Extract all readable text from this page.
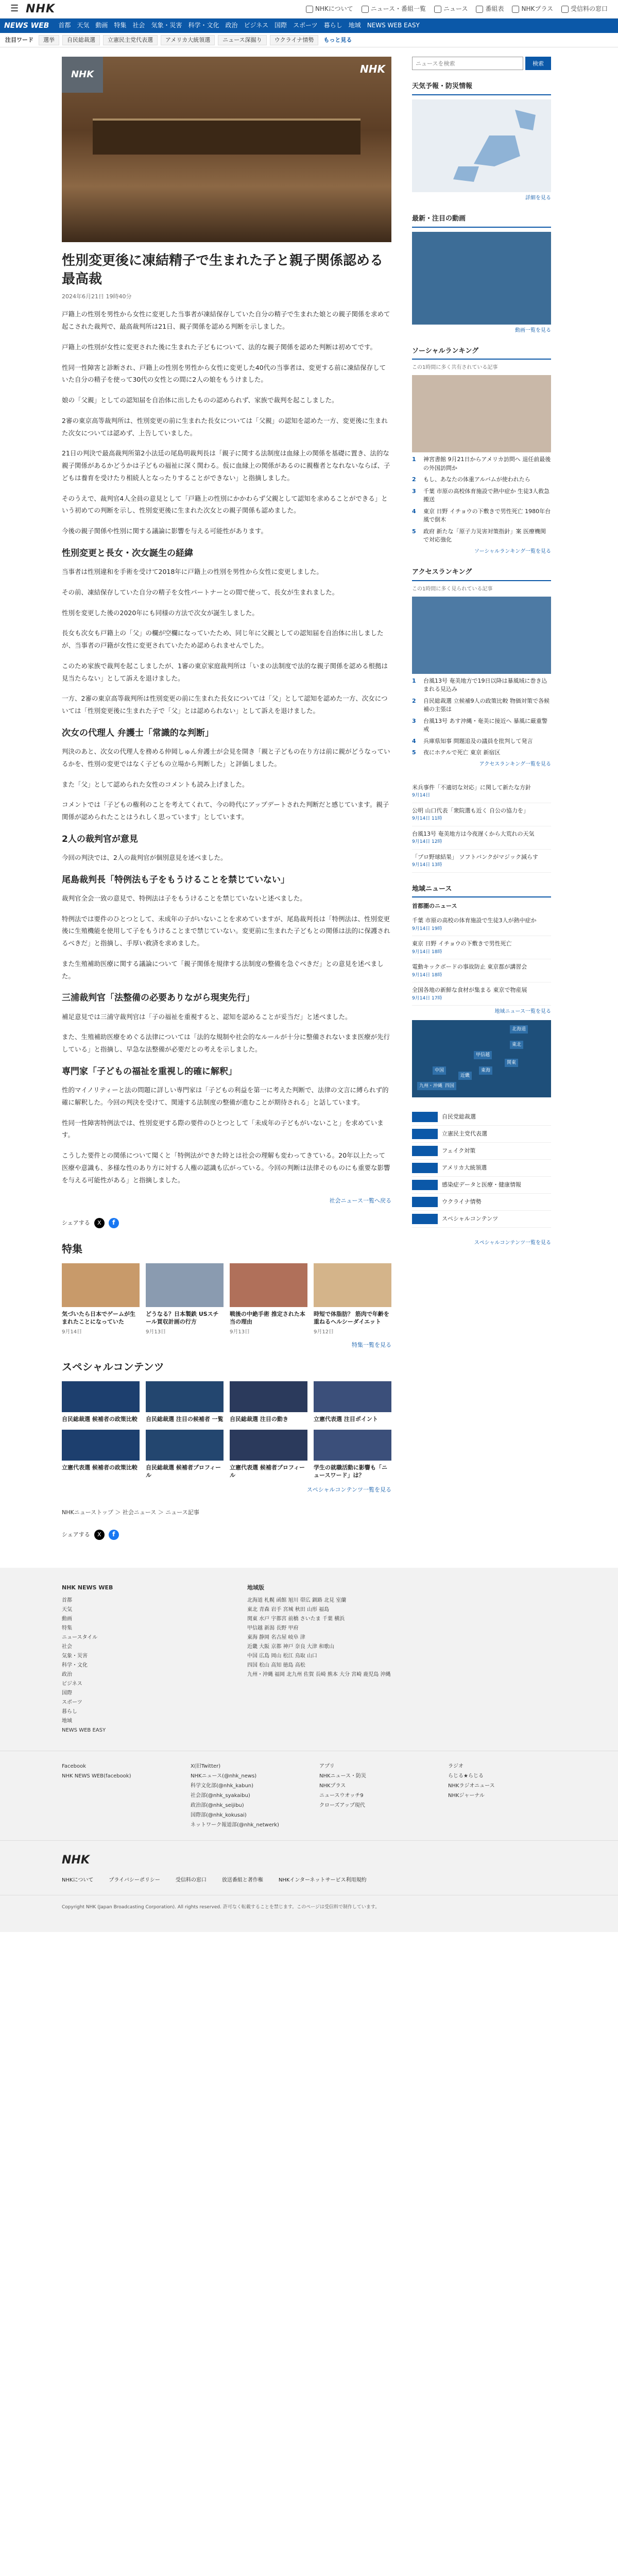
☰ NHK	NHKについて	ニュース・番組一覧	ニュース	番組表	NHKプラス	受信料の窓口
NEWS WEB 首都 天気 動画 特集 社会 気象・災害 科学・文化 政治 ビジネス 国際 スポーツ 暮らし 地域 NEWS WEB EASY
注目ワード	選挙	自民総裁選	立憲民主党代表選	アメリカ大統領選	ニュース深掘り	ウクライナ情勢	もっと見る
NHK	NHK
性別変更後に凍結精子で生まれた子と親子関係認める 最高裁
2024年6月21日 19時40分

戸籍上の性別を男性から女性に変更した当事者が凍結保存していた自分の精子で生まれた娘との親子関係を求めて起こされた裁判で、最高裁判所は21日、親子関係を認める判断を示しました。

戸籍上の性別が女性に変更された後に生まれた子どもについて、法的な親子関係を認めた判断は初めてです。

性同一性障害と診断され、戸籍上の性別を男性から女性に変更した40代の当事者は、変更する前に凍結保存していた自分の精子を使って30代の女性との間に2人の娘をもうけました。

娘の「父親」としての認知届を自治体に出したものの認められず、家族で裁判を起こしました。

2審の東京高等裁判所は、性別変更の前に生まれた長女については「父親」の認知を認めた一方、変更後に生まれた次女については認めず、上告していました。

21日の判決で最高裁判所第2小法廷の尾島明裁判長は「親子に関する法制度は血縁上の関係を基礎に置き、法的な親子関係があるかどうかは子どもの福祉に深く関わる。仮に血縁上の関係があるのに親権者となれないならば、子どもは養育を受けたり相続人となったりすることができない」と指摘しました。

そのうえで、裁判官4人全員の意見として「戸籍上の性別にかかわらず父親として認知を求めることができる」という初めての判断を示し、性別変更後に生まれた次女との親子関係も認めました。

今後の親子関係や性別に関する議論に影響を与える可能性があります。

性別変更と長女・次女誕生の経緯

当事者は性別違和を手術を受けて2018年に戸籍上の性別を男性から女性に変更しました。

その前、凍結保存していた自分の精子を女性パートナーとの間で使って、長女が生まれました。

性別を変更した後の2020年にも同様の方法で次女が誕生しました。

長女も次女も戸籍上の「父」の欄が空欄になっていたため、同じ年に父親としての認知届を自治体に出しましたが、当事者の戸籍が女性に変更されていたため認められませんでした。

このため家族で裁判を起こしましたが、1審の東京家庭裁判所は「いまの法制度で法的な親子関係を認める根拠は見当たらない」として訴えを退けました。

一方、2審の東京高等裁判所は性別変更の前に生まれた長女については「父」として認知を認めた一方、次女については「性別変更後に生まれた子で「父」とは認められない」として訴えを退けました。

次女の代理人 弁護士「常識的な判断」

判決のあと、次女の代理人を務める仲岡しゅん弁護士が会見を開き「親と子どもの在り方は前に親がどうなっているかを、性別の変更ではなく子どもの立場から判断した」と評価しました。

また「父」として認められた女性のコメントも読み上げました。

コメントでは「子どもの権利のことを考えてくれて、今の時代にアップデートされた判断だと感じています。親子関係が認められたことはうれしく思っています」としています。

2人の裁判官が意見

今回の判決では、2人の裁判官が個別意見を述べました。

尾島裁判長「特例法も子をもうけることを禁じていない」

裁判官全会一致の意見で、特例法は子をもうけることを禁じていないと述べました。

特例法では要件のひとつとして、未成年の子がいないことを求めていますが、尾島裁判長は「特例法は、性別変更後に生殖機能を使用して子をもうけることまで禁じていない。変更前に生まれた子どもとの関係は法的に保護されるべきだ」と指摘し、手厚い救済を求めました。

また生殖補助医療に関する議論について「親子関係を規律する法制度の整備を急ぐべきだ」との意見を述べました。

三浦裁判官「法整備の必要ありながら現実先行」

補足意見では三浦守裁判官は「子の福祉を重視すると、認知を認めることが妥当だ」と述べました。

また、生殖補助医療をめぐる法律については「法的な規制や社会的なルールが十分に整備されないまま医療が先行している」と指摘し、早急な法整備が必要だとの考えを示しました。

専門家「子どもの福祉を重視し的確に解釈」

性的マイノリティーと法の問題に詳しい専門家は「子どもの利益を第一に考えた判断で、法律の文言に縛られず的確に解釈した。今回の判決を受けて、関連する法制度の整備が進むことが期待される」と話しています。

性同一性障害特例法では、性別変更する際の要件のひとつとして「未成年の子どもがいないこと」を求めています。

こうした要件との関係について聞くと「特例法ができた時とは社会の理解も変わってきている。20年以上たって医療や意識も、多様な性のあり方に対する人権の認識も広がっている。今回の判断は法律そのものにも重要な影響を与える可能性がある」と指摘しました。

社会ニュース一覧へ戻る
シェアする	X	f
特集
気づいたら日本でゲームが生まれたことになっていた
9月14日
どうなる？日本製鉄 USスチール買収計画の行方
9月13日
戦後の中絶手術 推定された本当の理由
9月13日
時短で体脂肪？ 筋肉で年齢を重ねるヘルシーダイエット
9月12日
特集一覧を見る
スペシャルコンテンツ
自民総裁選 候補者の政策比較	自民総裁選 注目の候補者 一覧 自民総裁選 注目の動き	立憲代表選 注目ポイント
立憲代表選 候補者の政策比較	自民総裁選 候補者プロフィール
立憲代表選 候補者プロフィール
学生の就職活動に影響も「ニュースワード」は？
スペシャルコンテンツ一覧を見る
NHKニューストップ ＞ 社会ニュース ＞ ニュース記事
シェアする	X	f
ニュースを検索
検索
天気予報・防災情報
詳細を見る
最新・注目の動画
動画一覧を見る
ソーシャルランキング
この1時間に多く共有されている記事
1	神宮書館 9月21日からアメリカ訪問へ 退任前最後の外国訪問か
2	もし、あなたの体重アルバムが使われたら
3	千葉 市原の高校体育施設で熱中症か 生徒3人救急搬送
4	東京 日野 イチョウの下敷きで男性死亡 1980年台風で倒木
5	政府 新たな「原子力災害対策指針」案 医療機関で対応強化
ソーシャルランキング一覧を見る
アクセスランキング
この1時間に多く見られている記事
1	台風13号 奄美地方で19日以降は暴風域に巻き込まれる見込み
2	自民総裁選 立候補9人の政策比較 物価対策で各候補の主張は
3	台風13号 あす沖縄・奄美に接近へ 暴風に厳重警戒
4	兵庫県知事 問題追及の議員を批判して発言
5	夜にホテルで死亡 東京 新宿区
アクセスランキング一覧を見る
米兵事件「不適切な対応」に関して新たな方針
9月14日
公明 山口代表「衆院選も近く 自公の協力を」
9月14日 11時
台風13号 奄美地方は今夜遅くから大荒れの天気
9月14日 12時
「プロ野球結果」 ソフトバンクがマジック減らす
9月14日 13時
地域ニュース
首都圏のニュース
千葉 市原の高校の体育施設で生徒3人が熱中症か
9月14日 19時
東京 日野 イチョウの下敷きで男性死亡
9月14日 18時
電動キックボードの事故防止 東京都が講習会
9月14日 18時
全国各地の新鮮な食材が集まる 東京で物産展
9月14日 17時
地域ニュース一覧を見る
北海道
東北
関東
甲信越
東海
近畿
中国
四国
九州・沖縄
自民党総裁選
立憲民主党代表選
フェイク対策
アメリカ大統領選
感染症データと医療・健康情報
ウクライナ情勢
スペシャルコンテンツ
スペシャルコンテンツ一覧を見る
NHK NEWS WEB
首都
天気
動画
特集
ニュースタイル
社会
気象・災害
科学・文化
政治
ビジネス
国際
スポーツ
暮らし
地域
NEWS WEB EASY
地域版
北海道 札幌 函館 旭川 帯広 釧路 北見 室蘭
東北 青森 岩手 宮城 秋田 山形 福島
関東 水戸 宇都宮 前橋 さいたま 千葉 横浜
甲信越 新潟 長野 甲府
東海 静岡 名古屋 岐阜 津
近畿 大阪 京都 神戸 奈良 大津 和歌山
中国 広島 岡山 松江 鳥取 山口
四国 松山 高知 徳島 高松
九州・沖縄 福岡 北九州 佐賀 長崎 熊本 大分 宮崎 鹿児島 沖縄
Facebook
NHK NEWS WEB(facebook)
X(旧Twitter)
NHKニュース(@nhk_news)
科学文化部(@nhk_kabun)
社会部(@nhk_syakaibu)
政治部(@nhk_seijibu)
国際部(@nhk_kokusai)
ネットワーク報道部(@nhk_netwerk)
アプリ
NHKニュース・防災
NHKプラス
ニュースウオッチ9
クローズアップ現代
ラジオ
らじる★らじる
NHKラジオニュース
NHKジャーナル
NHK
NHKについて	プライバシーポリシー	受信料の窓口	放送番組と著作権	NHKインターネットサービス利用規約
Copyright NHK (Japan Broadcasting Corporation). All rights reserved. 許可なく転載することを禁じます。このページは受信料で制作しています。
